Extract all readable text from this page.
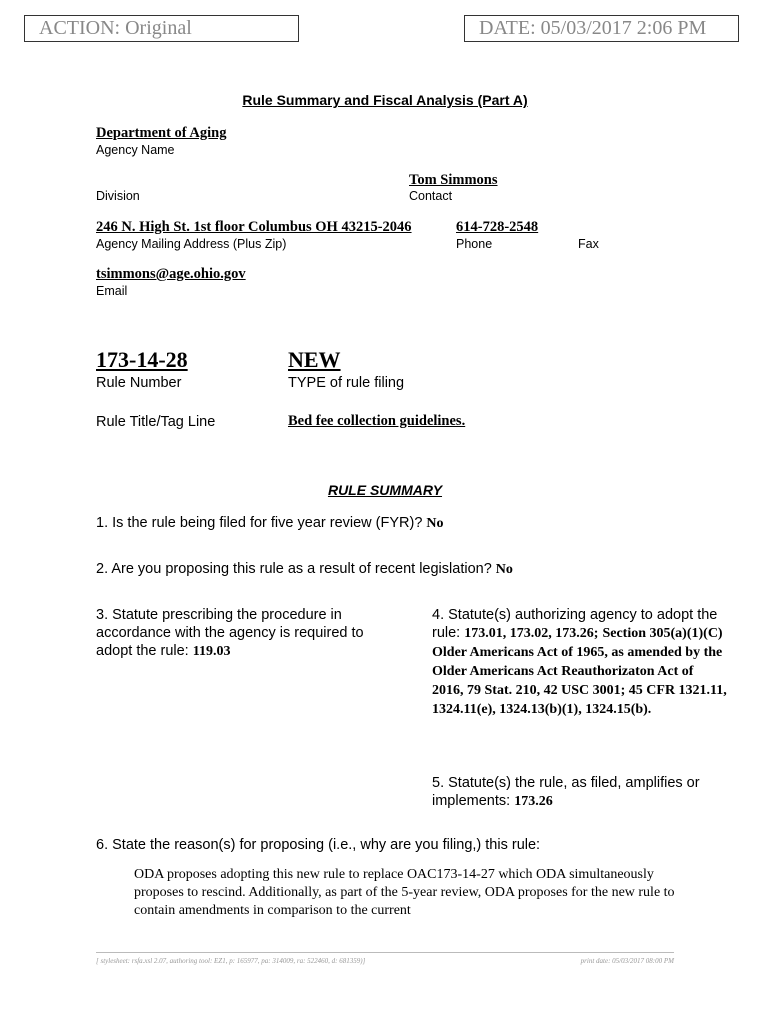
ACTION: Original	DATE: 05/03/2017 2:06 PM
Rule Summary and Fiscal Analysis (Part A)
Department of Aging
Agency Name
Tom Simmons
Division	Contact
246 N. High St. 1st floor Columbus OH 43215-2046	614-728-2548
Agency Mailing Address (Plus Zip)	Phone	Fax
tsimmons@age.ohio.gov
Email
173-14-28	NEW
Rule Number	TYPE of rule filing
Rule Title/Tag Line	Bed fee collection guidelines.
RULE SUMMARY
1. Is the rule being filed for five year review (FYR)? No
2. Are you proposing this rule as a result of recent legislation? No
3. Statute prescribing the procedure in accordance with the agency is required to adopt the rule: 119.03
4. Statute(s) authorizing agency to adopt the rule: 173.01, 173.02, 173.26; Section 305(a)(1)(C) Older Americans Act of 1965, as amended by the Older Americans Act Reauthorizaton Act of 2016, 79 Stat. 210, 42 USC 3001; 45 CFR 1321.11, 1324.11(e), 1324.13(b)(1), 1324.15(b).
5. Statute(s) the rule, as filed, amplifies or implements: 173.26
6. State the reason(s) for proposing (i.e., why are you filing,) this rule:
ODA proposes adopting this new rule to replace OAC173-14-27 which ODA simultaneously proposes to rescind. Additionally, as part of the 5-year review, ODA proposes for the new rule to contain amendments in comparison to the current
[ stylesheet: rsfa.xsl 2.07, authoring tool: EZ1, p: 165977, pa: 314009, ra: 522460, d: 681359)]	print date: 05/03/2017 08:00 PM
